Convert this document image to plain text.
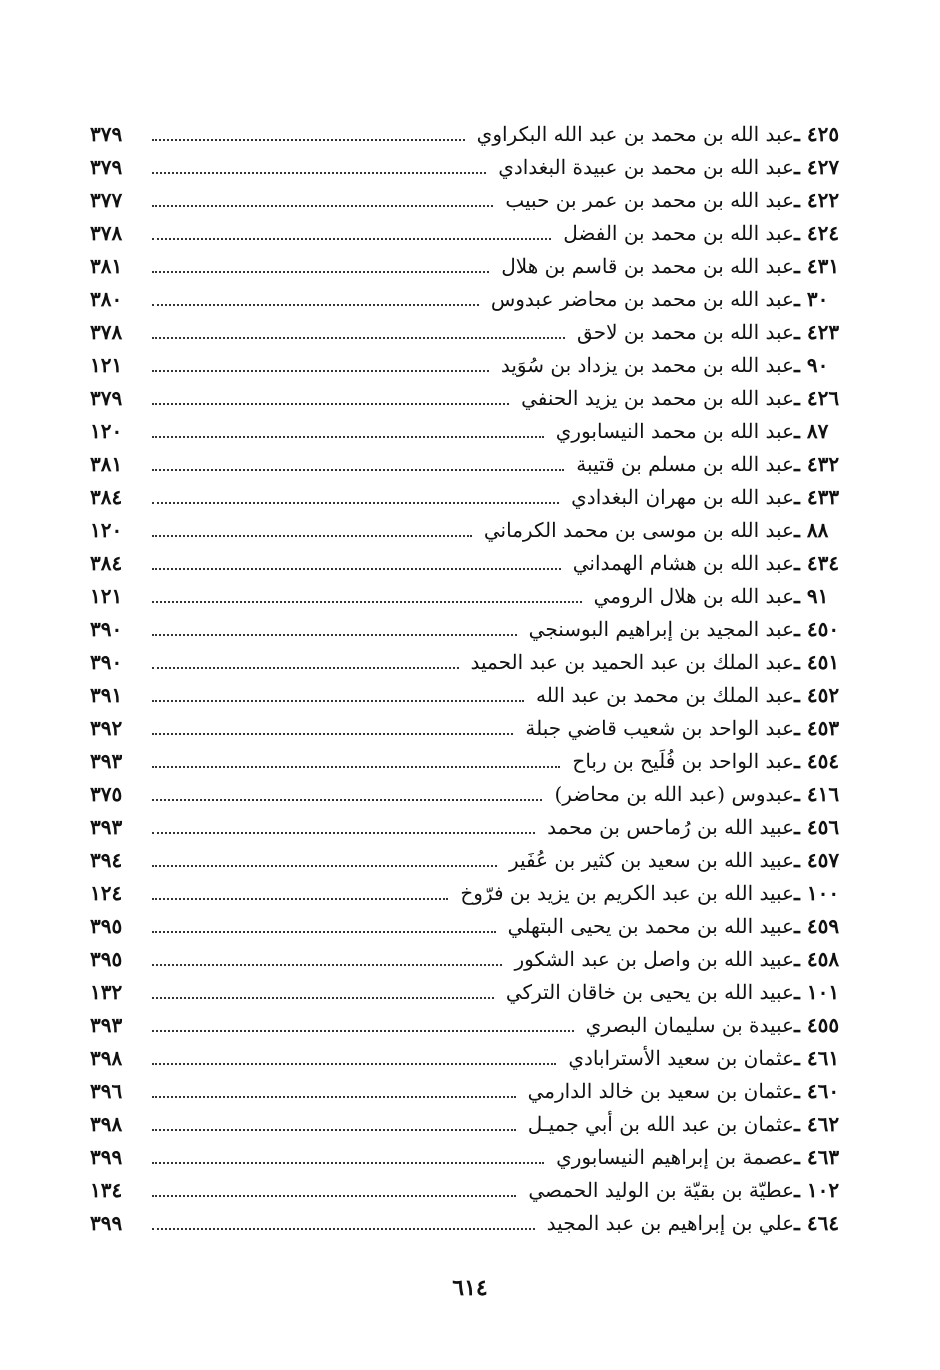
٤٢٥ ـ
عبد الله بن محمد بن عبد الله البكراوي
٣٧٩
٤٢٧ ـ
عبد الله بن محمد بن عبيدة البغدادي
٣٧٩
٤٢٢ ـ
عبد الله بن محمد بن عمر بن حبيب
٣٧٧
٤٢٤ ـ
عبد الله بن محمد بن الفضل
٣٧٨
٤٣١ ـ
عبد الله بن محمد بن قاسم بن هلال
٣٨١
٣٠ ـ
عبد الله بن محمد بن محاضر عبدوس
٣٨٠
٤٢٣ ـ
عبد الله بن محمد بن لاحق
٣٧٨
٩٠ ـ
عبد الله بن محمد بن يزداد بن سُوَيد
١٢١
٤٢٦ ـ
عبد الله بن محمد بن يزيد الحنفي
٣٧٩
٨٧ ـ
عبد الله بن محمد النيسابوري
١٢٠
٤٣٢ ـ
عبد الله بن مسلم بن قتيبة
٣٨١
٤٣٣ ـ
عبد الله بن مهران البغدادي
٣٨٤
٨٨ ـ
عبد الله بن موسى بن محمد الكرماني
١٢٠
٤٣٤ ـ
عبد الله بن هشام الهمداني
٣٨٤
٩١ ـ
عبد الله بن هلال الرومي
١٢١
٤٥٠ ـ
عبد المجيد بن إبراهيم البوسنجي
٣٩٠
٤٥١ ـ
عبد الملك بن عبد الحميد بن عبد الحميد
٣٩٠
٤٥٢ ـ
عبد الملك بن محمد بن عبد الله
٣٩١
٤٥٣ ـ
عبد الواحد بن شعيب قاضي جبلة
٣٩٢
٤٥٤ ـ
عبد الواحد بن فُلَيح بن رباح
٣٩٣
٤١٦ ـ
عبدوس (عبد الله بن محاضر)
٣٧٥
٤٥٦ ـ
عبيد الله بن رُماحس بن محمد
٣٩٣
٤٥٧ ـ
عبيد الله بن سعيد بن كثير بن عُفَير
٣٩٤
١٠٠ ـ
عبيد الله بن عبد الكريم بن يزيد بن فرّوخ
١٢٤
٤٥٩ ـ
عبيد الله بن محمد بن يحيى البتهلي
٣٩٥
٤٥٨ ـ
عبيد الله بن واصل بن عبد الشكور
٣٩٥
١٠١ ـ
عبيد الله بن يحيى بن خاقان التركي
١٣٢
٤٥٥ ـ
عبيدة بن سليمان البصري
٣٩٣
٤٦١ ـ
عثمان بن سعيد الأسترابادي
٣٩٨
٤٦٠ ـ
عثمان بن سعيد بن خالد الدارمي
٣٩٦
٤٦٢ ـ
عثمان بن عبد الله بن أبي جميـل
٣٩٨
٤٦٣ ـ
عصمة بن إبراهيم النيسابوري
٣٩٩
١٠٢ ـ
عطيّة بن بقيّة بن الوليد الحمصي
١٣٤
٤٦٤ ـ
علي بن إبراهيم بن عبد المجيد
٣٩٩
٦١٤
